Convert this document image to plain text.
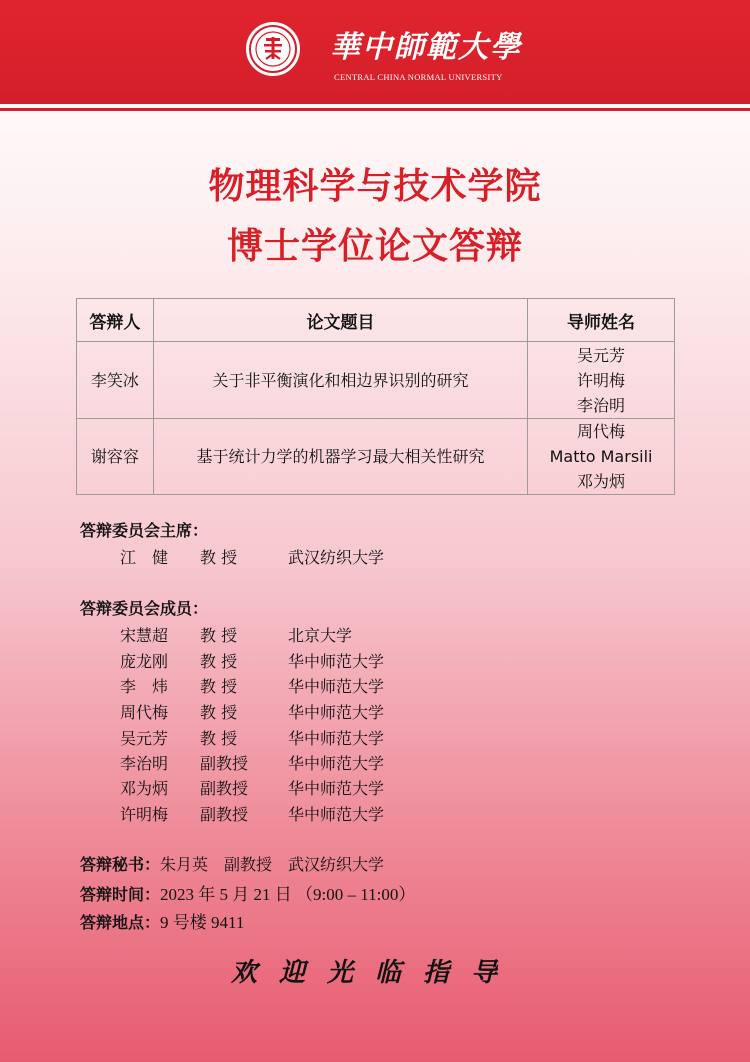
華中師範大學
CENTRAL CHINA NORMAL UNIVERSITY
物理科学与技术学院
博士学位论文答辩
答辩人	论文题目	导师姓名
李笑冰	关于非平衡演化和相边界识别的研究	吴元芳
许明梅
李治明

谢容容	基于统计力学的机器学习最大相关性研究	周代梅
Matto Marsili
邓为炳
答辩委员会主席：
江　健 教 授	武汉纺织大学
答辩委员会成员：
宋慧超 教 授	北京大学
庞龙刚 教 授	华中师范大学
李　炜 教 授	华中师范大学
周代梅 教 授	华中师范大学
吴元芳 教 授	华中师范大学
李治明 副教授 华中师范大学
邓为炳 副教授 华中师范大学
许明梅 副教授 华中师范大学
答辩秘书：朱月英　副教授　武汉纺织大学
答辩时间：2023 年 5 月 21 日 （9:00 – 11:00）
答辩地点：9 号楼 9411
欢迎光临指导
